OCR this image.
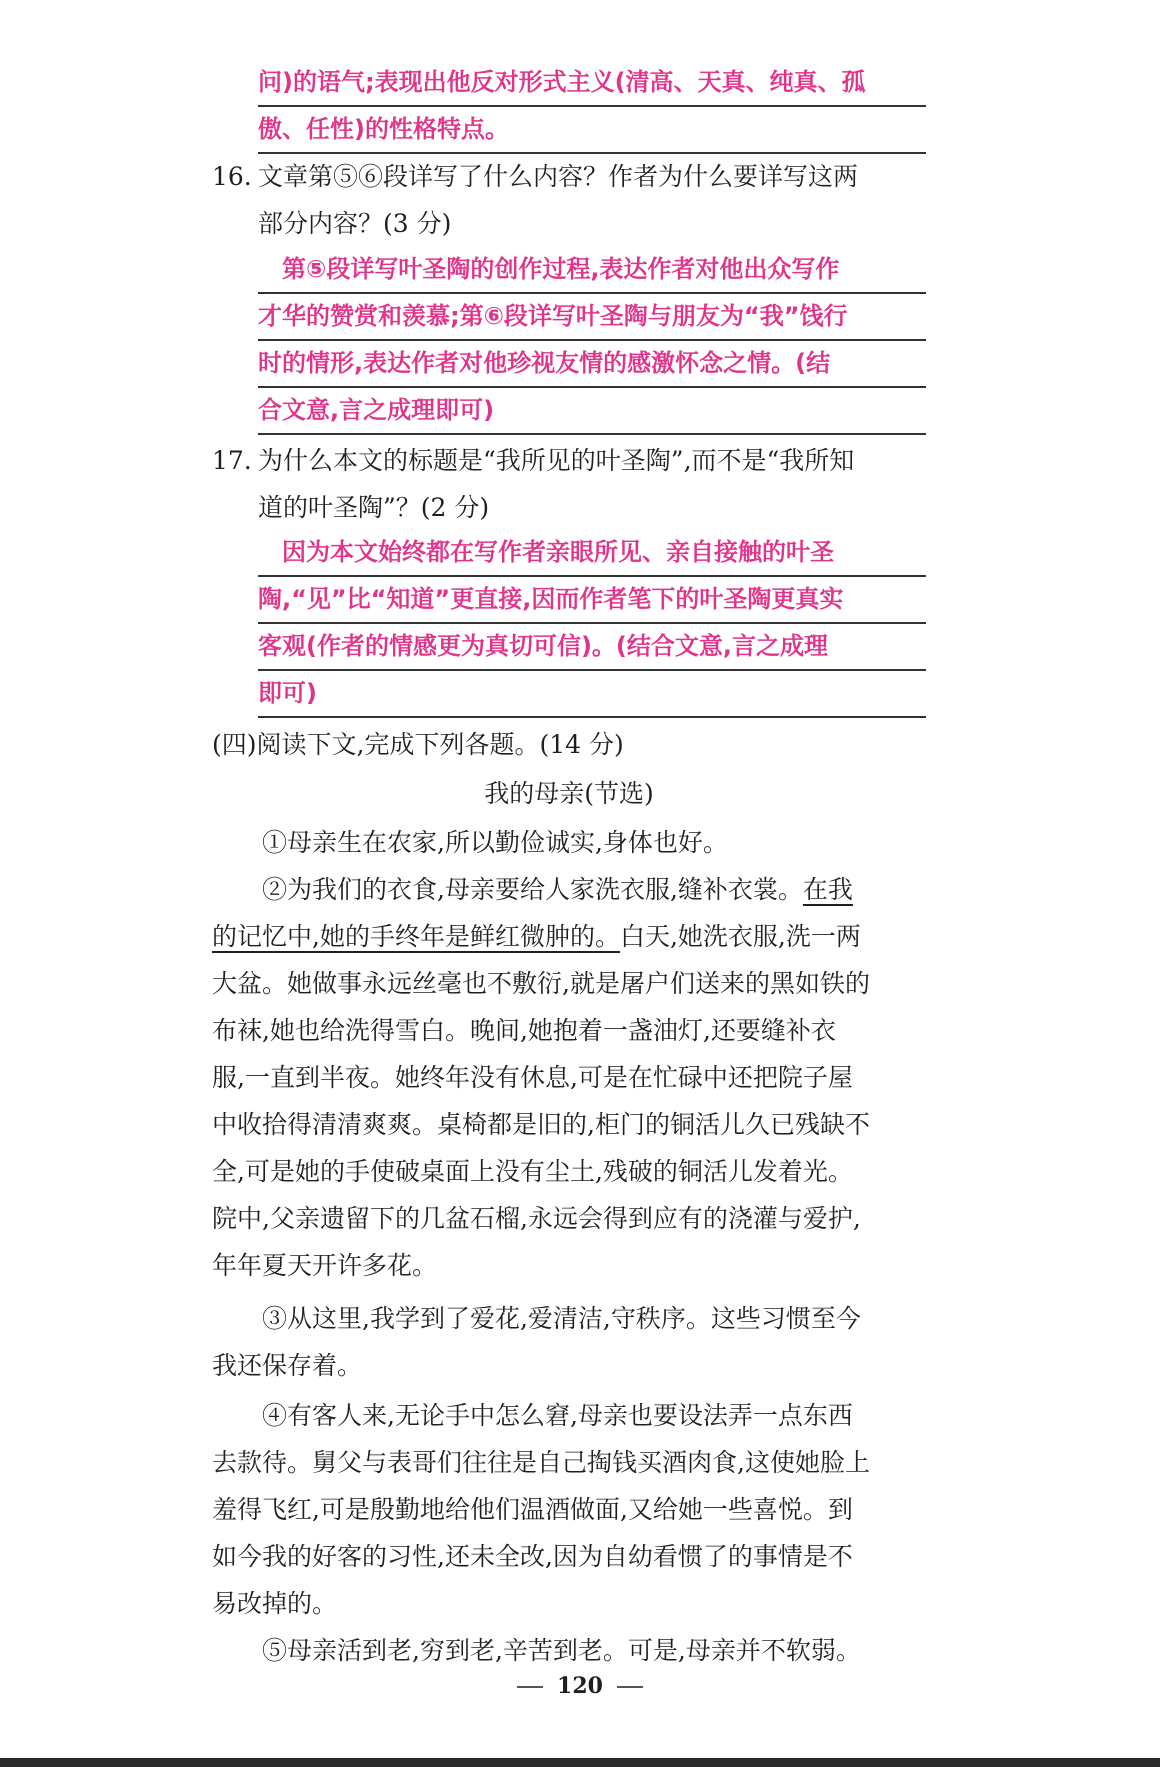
问)的语气;表现出他反对形式主义(清高、天真、纯真、孤
傲、任性)的性格特点。
16. 文章第⑤⑥段详写了什么内容？作者为什么要详写这两
部分内容？(3 分)
第⑤段详写叶圣陶的创作过程,表达作者对他出众写作
才华的赞赏和羡慕;第⑥段详写叶圣陶与朋友为“我”饯行
时的情形,表达作者对他珍视友情的感激怀念之情。(结
合文意,言之成理即可)
17. 为什么本文的标题是“我所见的叶圣陶”,而不是“我所知
道的叶圣陶”？(2 分)
因为本文始终都在写作者亲眼所见、亲自接触的叶圣
陶,“见”比“知道”更直接,因而作者笔下的叶圣陶更真实
客观(作者的情感更为真切可信)。(结合文意,言之成理
即可)
(四)阅读下文,完成下列各题。(14 分)
我的母亲(节选)
①母亲生在农家,所以勤俭诚实,身体也好。
②为我们的衣食,母亲要给人家洗衣服,缝补衣裳。在我
的记忆中,她的手终年是鲜红微肿的。白天,她洗衣服,洗一两
大盆。她做事永远丝毫也不敷衍,就是屠户们送来的黑如铁的
布袜,她也给洗得雪白。晚间,她抱着一盏油灯,还要缝补衣
服,一直到半夜。她终年没有休息,可是在忙碌中还把院子屋
中收拾得清清爽爽。桌椅都是旧的,柜门的铜活儿久已残缺不
全,可是她的手使破桌面上没有尘土,残破的铜活儿发着光。
院中,父亲遗留下的几盆石榴,永远会得到应有的浇灌与爱护,
年年夏天开许多花。
③从这里,我学到了爱花,爱清洁,守秩序。这些习惯至今
我还保存着。
④有客人来,无论手中怎么窘,母亲也要设法弄一点东西
去款待。舅父与表哥们往往是自己掏钱买酒肉食,这使她脸上
羞得飞红,可是殷勤地给他们温酒做面,又给她一些喜悦。到
如今我的好客的习性,还未全改,因为自幼看惯了的事情是不
易改掉的。
⑤母亲活到老,穷到老,辛苦到老。可是,母亲并不软弱。
120
